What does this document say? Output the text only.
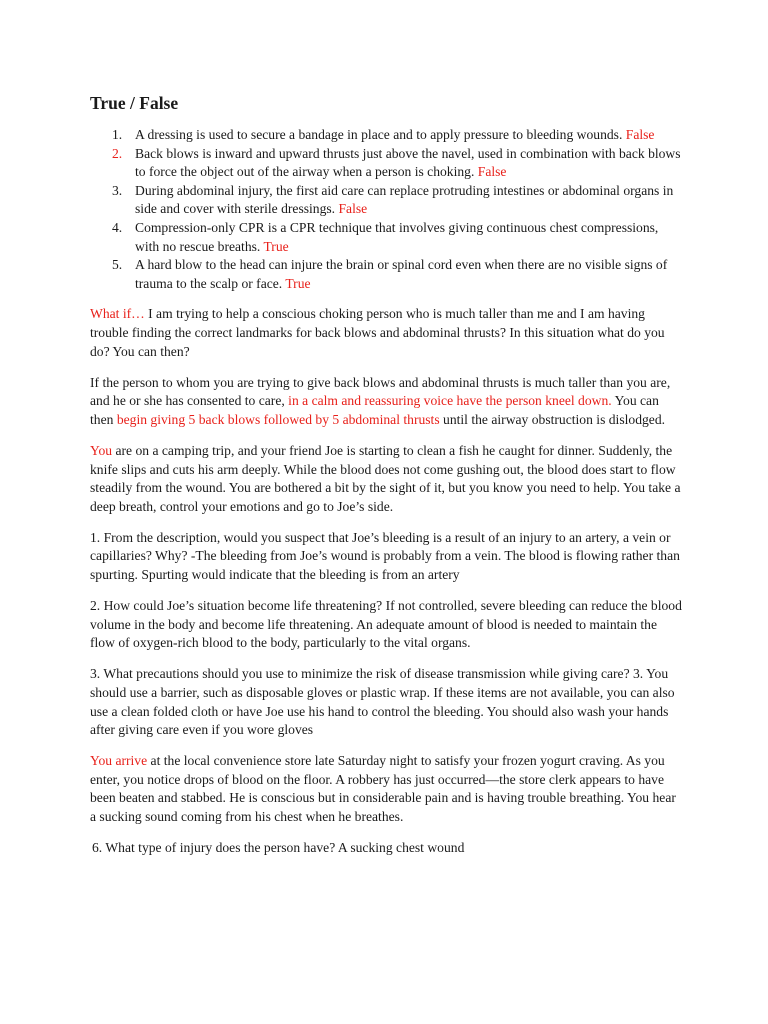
True / False
1. A dressing is used to secure a bandage in place and to apply pressure to bleeding wounds. False
2. Back blows is inward and upward thrusts just above the navel, used in combination with back blows to force the object out of the airway when a person is choking. False
3. During abdominal injury, the first aid care can replace protruding intestines or abdominal organs in side and cover with sterile dressings. False
4. Compression-only CPR is a CPR technique that involves giving continuous chest compressions, with no rescue breaths. True
5. A hard blow to the head can injure the brain or spinal cord even when there are no visible signs of trauma to the scalp or face. True

What if… I am trying to help a conscious choking person who is much taller than me and I am having trouble finding the correct landmarks for back blows and abdominal thrusts? In this situation what do you do? You can then?

If the person to whom you are trying to give back blows and abdominal thrusts is much taller than you are, and he or she has consented to care, in a calm and reassuring voice have the person kneel down. You can then begin giving 5 back blows followed by 5 abdominal thrusts until the airway obstruction is dislodged.

You are on a camping trip, and your friend Joe is starting to clean a fish he caught for dinner. Suddenly, the knife slips and cuts his arm deeply. While the blood does not come gushing out, the blood does start to flow steadily from the wound. You are bothered a bit by the sight of it, but you know you need to help. You take a deep breath, control your emotions and go to Joe’s side.

1. From the description, would you suspect that Joe’s bleeding is a result of an injury to an artery, a vein or capillaries? Why? -The bleeding from Joe’s wound is probably from a vein. The blood is flowing rather than spurting. Spurting would indicate that the bleeding is from an artery

2. How could Joe’s situation become life threatening? If not controlled, severe bleeding can reduce the blood volume in the body and become life threatening. An adequate amount of blood is needed to maintain the flow of oxygen-rich blood to the body, particularly to the vital organs.

3. What precautions should you use to minimize the risk of disease transmission while giving care? 3. You should use a barrier, such as disposable gloves or plastic wrap. If these items are not available, you can also use a clean folded cloth or have Joe use his hand to control the bleeding. You should also wash your hands after giving care even if you wore gloves

You arrive at the local convenience store late Saturday night to satisfy your frozen yogurt craving. As you enter, you notice drops of blood on the floor. A robbery has just occurred—the store clerk appears to have been beaten and stabbed. He is conscious but in considerable pain and is having trouble breathing. You hear a sucking sound coming from his chest when he breathes.

6. What type of injury does the person have? A sucking chest wound
